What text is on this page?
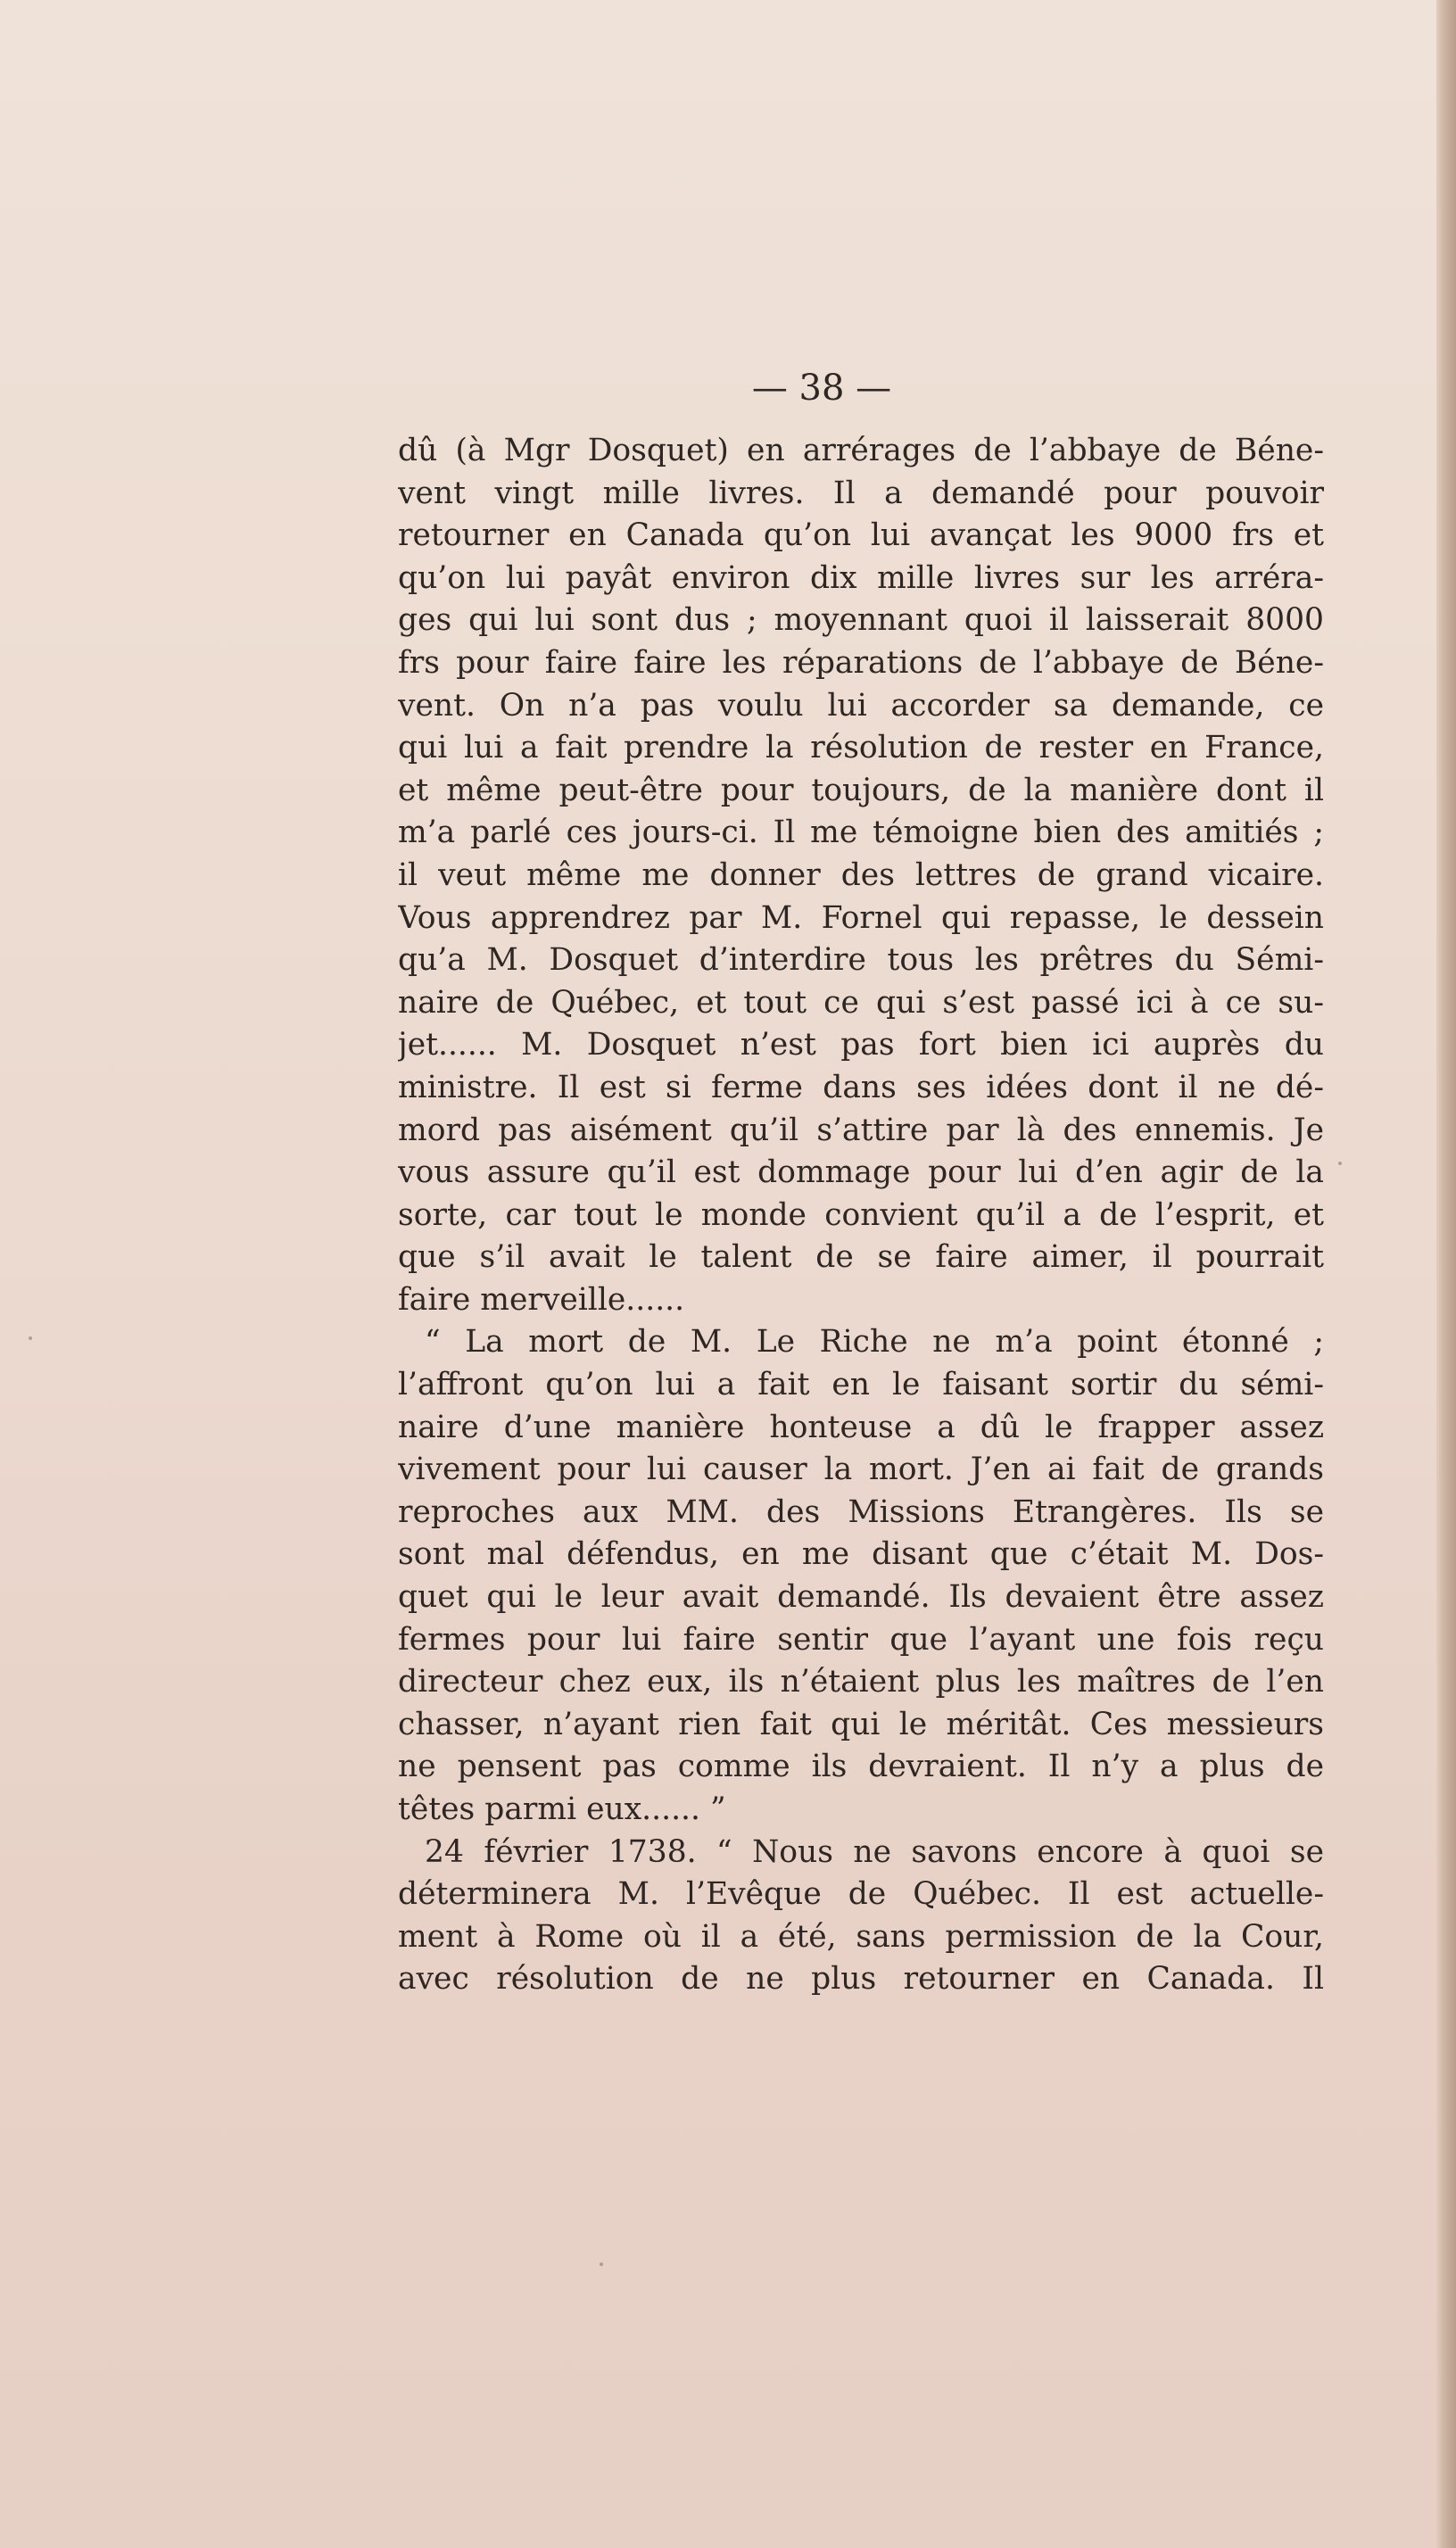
— 38 —

dû (à Mgr Dosquet) en arrérages de l’abbaye de Béne-
vent vingt mille livres. Il a demandé pour pouvoir
retourner en Canada qu’on lui avançat les 9000 frs et
qu’on lui payât environ dix mille livres sur les arréra-
ges qui lui sont dus ; moyennant quoi il laisserait 8000
frs pour faire faire les réparations de l’abbaye de Béne-
vent. On n’a pas voulu lui accorder sa demande, ce
qui lui a fait prendre la résolution de rester en France,
et même peut-être pour toujours, de la manière dont il
m’a parlé ces jours-ci. Il me témoigne bien des amitiés ;
il veut même me donner des lettres de grand vicaire.
Vous apprendrez par M. Fornel qui repasse, le dessein
qu’a M. Dosquet d’interdire tous les prêtres du Sémi-
naire de Québec, et tout ce qui s’est passé ici à ce su-
jet...... M. Dosquet n’est pas fort bien ici auprès du
ministre. Il est si ferme dans ses idées dont il ne dé-
mord pas aisément qu’il s’attire par là des ennemis. Je
vous assure qu’il est dommage pour lui d’en agir de la
sorte, car tout le monde convient qu’il a de l’esprit, et
que s’il avait le talent de se faire aimer, il pourrait
faire merveille......
“ La mort de M. Le Riche ne m’a point étonné ;
l’affront qu’on lui a fait en le faisant sortir du sémi-
naire d’une manière honteuse a dû le frapper assez
vivement pour lui causer la mort. J’en ai fait de grands
reproches aux MM. des Missions Etrangères. Ils se
sont mal défendus, en me disant que c’était M. Dos-
quet qui le leur avait demandé. Ils devaient être assez
fermes pour lui faire sentir que l’ayant une fois reçu
directeur chez eux, ils n’étaient plus les maîtres de l’en
chasser, n’ayant rien fait qui le méritât. Ces messieurs
ne pensent pas comme ils devraient. Il n’y a plus de
têtes parmi eux...... ”
24 février 1738. “ Nous ne savons encore à quoi se
déterminera M. l’Evêque de Québec. Il est actuelle-
ment à Rome où il a été, sans permission de la Cour,
avec résolution de ne plus retourner en Canada. Il
